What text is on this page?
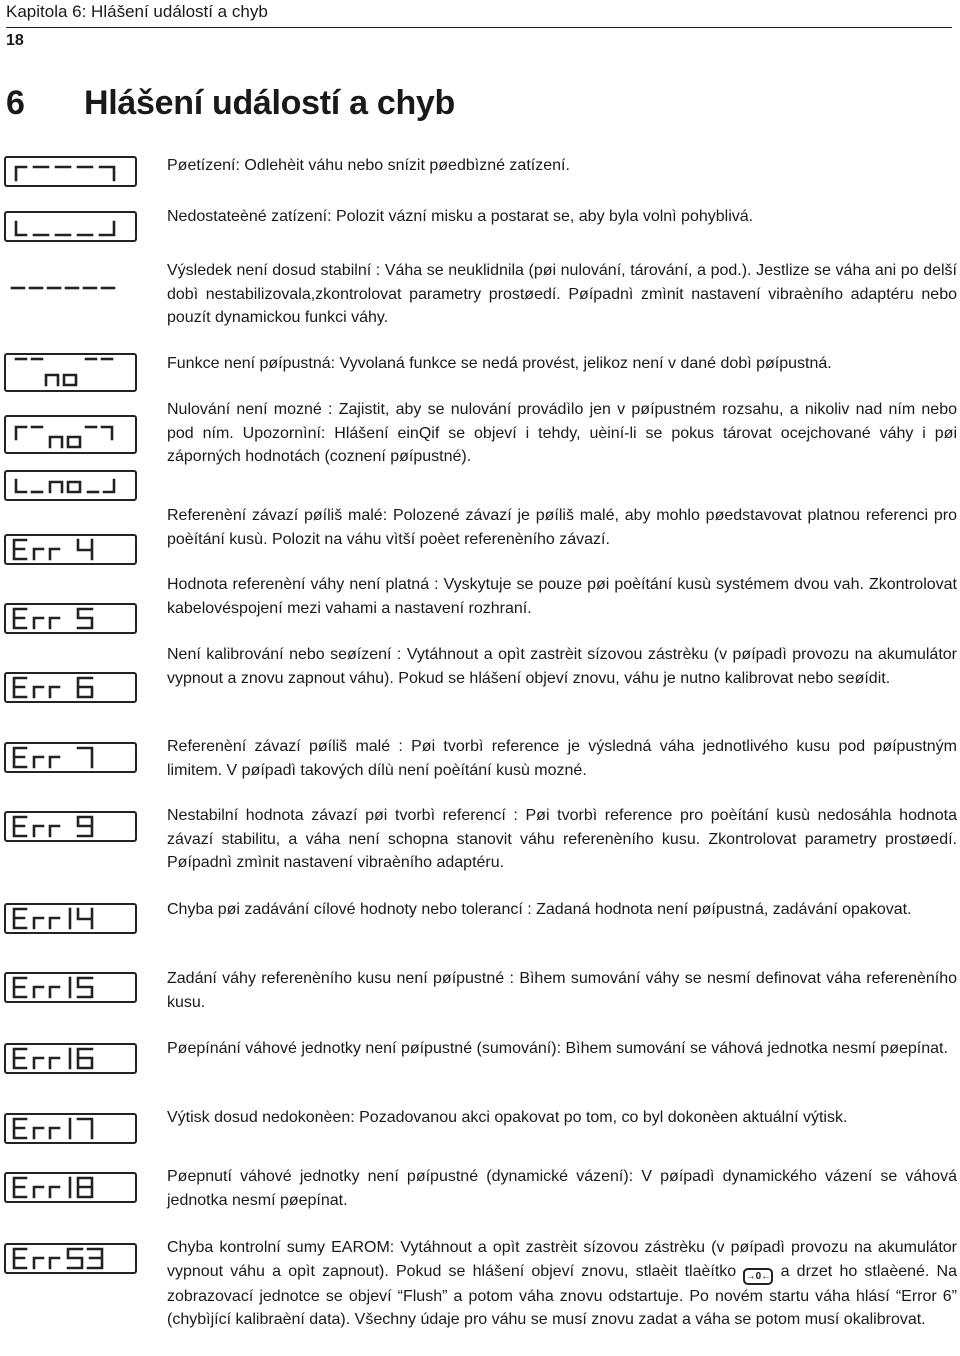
Kapitola 6: Hlášení událostí a chyb
18
6 Hlášení událostí a chyb

Pøetízení: Odlehèit váhu nebo snízit pøedbìzné zatízení.

Nedostateèné zatízení: Polozit vázní misku a postarat se, aby byla volnì pohyblivá.

Výsledek není dosud stabilní : Váha se neuklidnila (pøi nulování, tárování, a pod.). Jestlize se váha ani po delší dobì nestabilizovala,zkontrolovat parametry prostøedí. Pøípadnì zmìnit nastavení vibraèního adaptéru nebo pouzít dynamickou funkci váhy.

Funkce není pøípustná: Vyvolaná funkce se nedá provést, jelikoz není v dané dobì pøípustná.

Nulování není mozné : Zajistit, aby se nulování provádìlo jen v pøípustném rozsahu, a nikoliv nad ním nebo pod ním. Upozornìní: Hlášení einQif se objeví i tehdy, uèiní-li se pokus tárovat ocejchované váhy i pøi záporných hodnotách (coznení pøípustné).

Referenèní závazí pøíliš malé: Polozené závazí je pøíliš malé, aby mohlo pøedstavovat platnou referenci pro poèítání kusù. Polozit na váhu vìtší poèet referenèního závazí.

Hodnota referenèní váhy není platná : Vyskytuje se pouze pøi poèítání kusù systémem dvou vah. Zkontrolovat kabelovéspojení mezi vahami a nastavení rozhraní.

Není kalibrování nebo seøízení : Vytáhnout a opìt zastrèit sízovou zástrèku (v pøípadì provozu na akumulátor vypnout a znovu zapnout váhu). Pokud se hlášení objeví znovu, váhu je nutno kalibrovat nebo seøídit.

Referenèní závazí pøíliš malé : Pøi tvorbì reference je výsledná váha jednotlivého kusu pod pøípustným limitem. V pøípadì takových dílù není poèítání kusù mozné.

Nestabilní hodnota závazí pøi tvorbì referencí : Pøi tvorbì reference pro poèítání kusù nedosáhla hodnota závazí stabilitu, a váha není schopna stanovit váhu referenèního kusu. Zkontrolovat parametry prostøedí. Pøípadnì zmìnit nastavení vibraèního adaptéru.

Chyba pøi zadávání cílové hodnoty nebo tolerancí : Zadaná hodnota není pøípustná, zadávání opakovat.

Zadání váhy referenèního kusu není pøípustné : Bìhem sumování váhy se nesmí definovat váha referenèního kusu.

Pøepínání váhové jednotky není pøípustné (sumování): Bìhem sumování se váhová jednotka nesmí pøepínat.

Výtisk dosud nedokonèen: Pozadovanou akci opakovat po tom, co byl dokonèen aktuální výtisk.

Pøepnutí váhové jednotky není pøípustné (dynamické vázení): V pøípadì dynamického vázení se váhová jednotka nesmí pøepínat.

Chyba kontrolní sumy EAROM: Vytáhnout a opìt zastrèit sízovou zástrèku (v pøípadì provozu na akumulátor vypnout váhu a opìt zapnout). Pokud se hlášení objeví znovu, stlaèit tlaèítko →0← a drzet ho stlaèené. Na zobrazovací jednotce se objeví “Flush” a potom váha znovu odstartuje. Po novém startu váha hlásí “Error 6” (chybìjící kalibraèní data). Všechny údaje pro váhu se musí znovu zadat a váha se potom musí okalibrovat.
